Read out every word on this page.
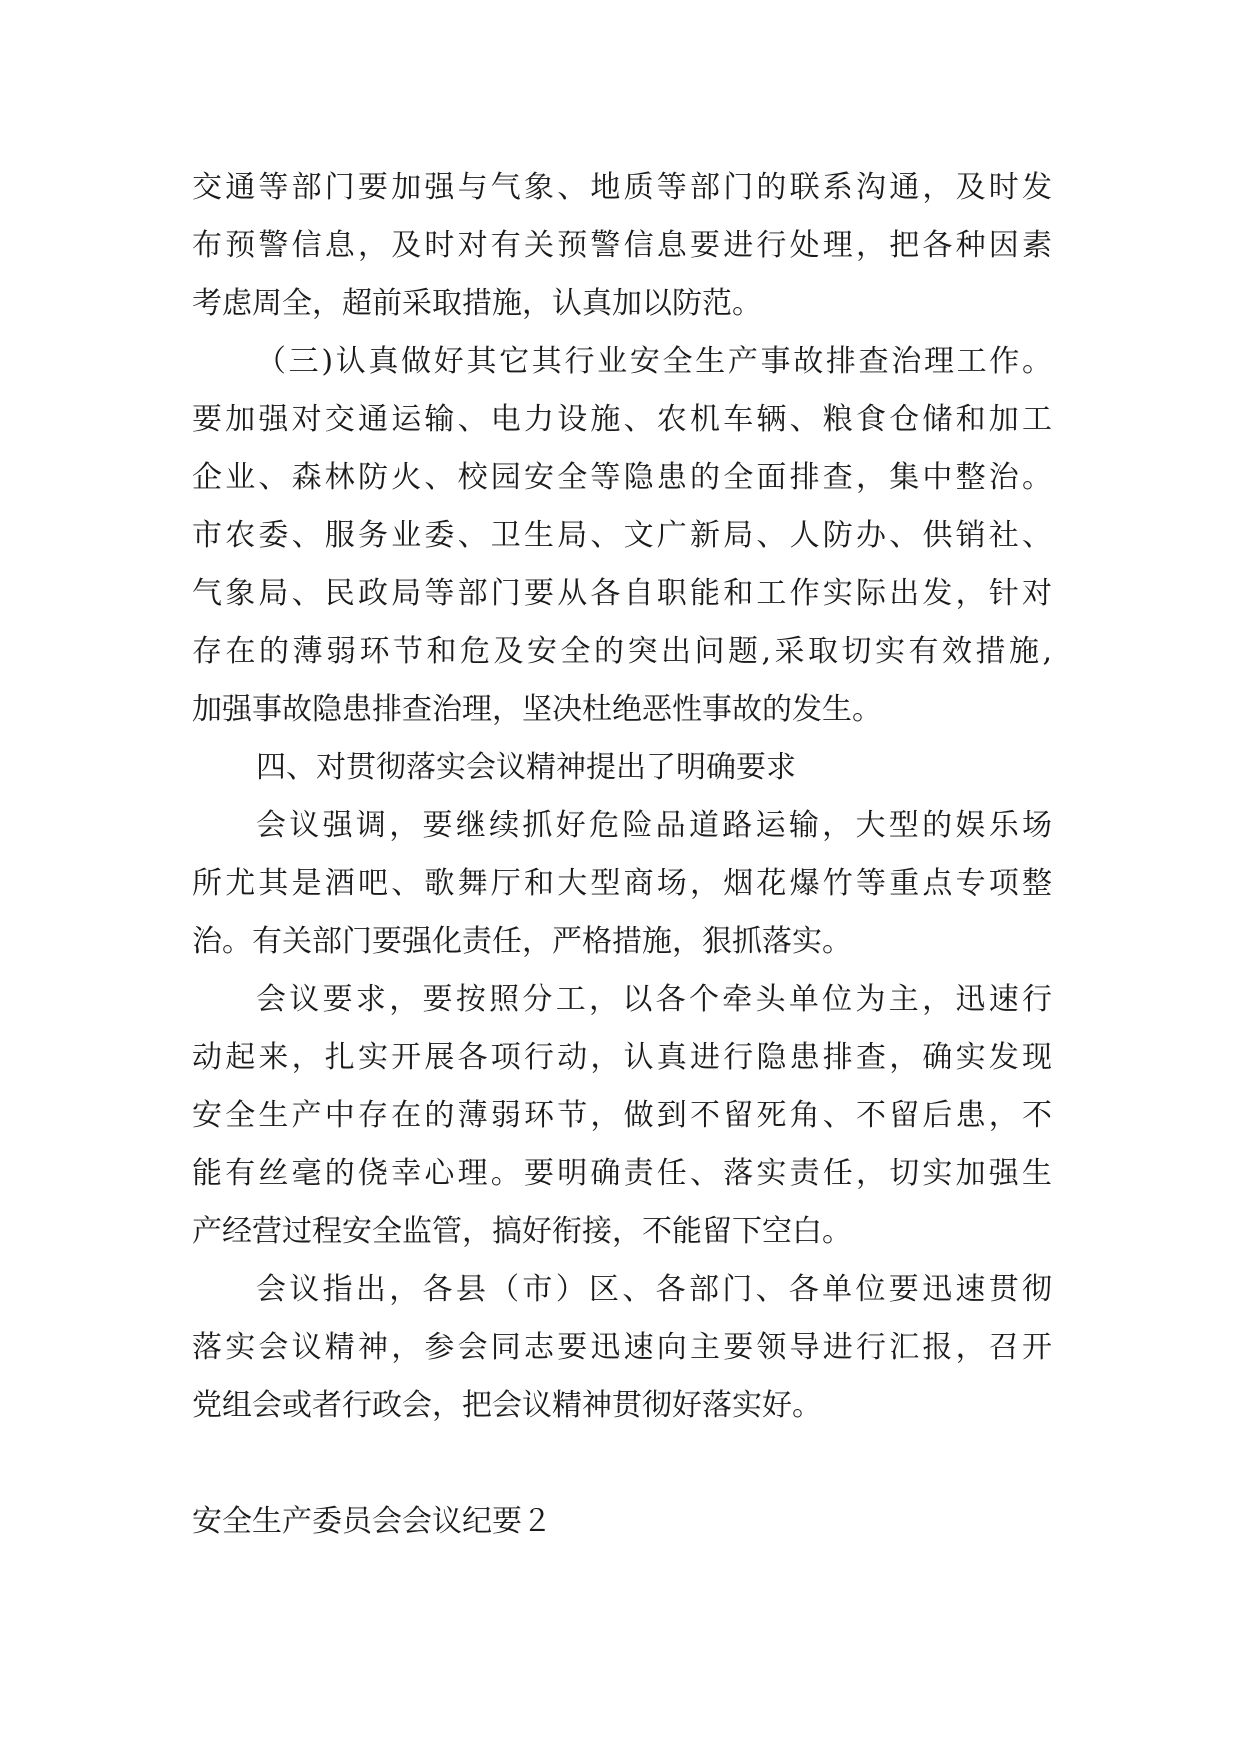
交通等部门要加强与气象、地质等部门的联系沟通，及时发
布预警信息，及时对有关预警信息要进行处理，把各种因素
考虑周全，超前采取措施，认真加以防范。
（三)认真做好其它其行业安全生产事故排查治理工作。
要加强对交通运输、电力设施、农机车辆、粮食仓储和加工
企业、森林防火、校园安全等隐患的全面排查，集中整治。
市农委、服务业委、卫生局、文广新局、人防办、供销社、
气象局、民政局等部门要从各自职能和工作实际出发，针对
存在的薄弱环节和危及安全的突出问题,采取切实有效措施,
加强事故隐患排查治理，坚决杜绝恶性事故的发生。
四、对贯彻落实会议精神提出了明确要求
会议强调，要继续抓好危险品道路运输，大型的娱乐场
所尤其是酒吧、歌舞厅和大型商场，烟花爆竹等重点专项整
治。有关部门要强化责任，严格措施，狠抓落实。
会议要求，要按照分工，以各个牵头单位为主，迅速行
动起来，扎实开展各项行动，认真进行隐患排查，确实发现
安全生产中存在的薄弱环节，做到不留死角、不留后患，不
能有丝毫的侥幸心理。要明确责任、落实责任，切实加强生
产经营过程安全监管，搞好衔接，不能留下空白。
会议指出，各县（市）区、各部门、各单位要迅速贯彻
落实会议精神，参会同志要迅速向主要领导进行汇报，召开
党组会或者行政会，把会议精神贯彻好落实好。
安全生产委员会会议纪要２
